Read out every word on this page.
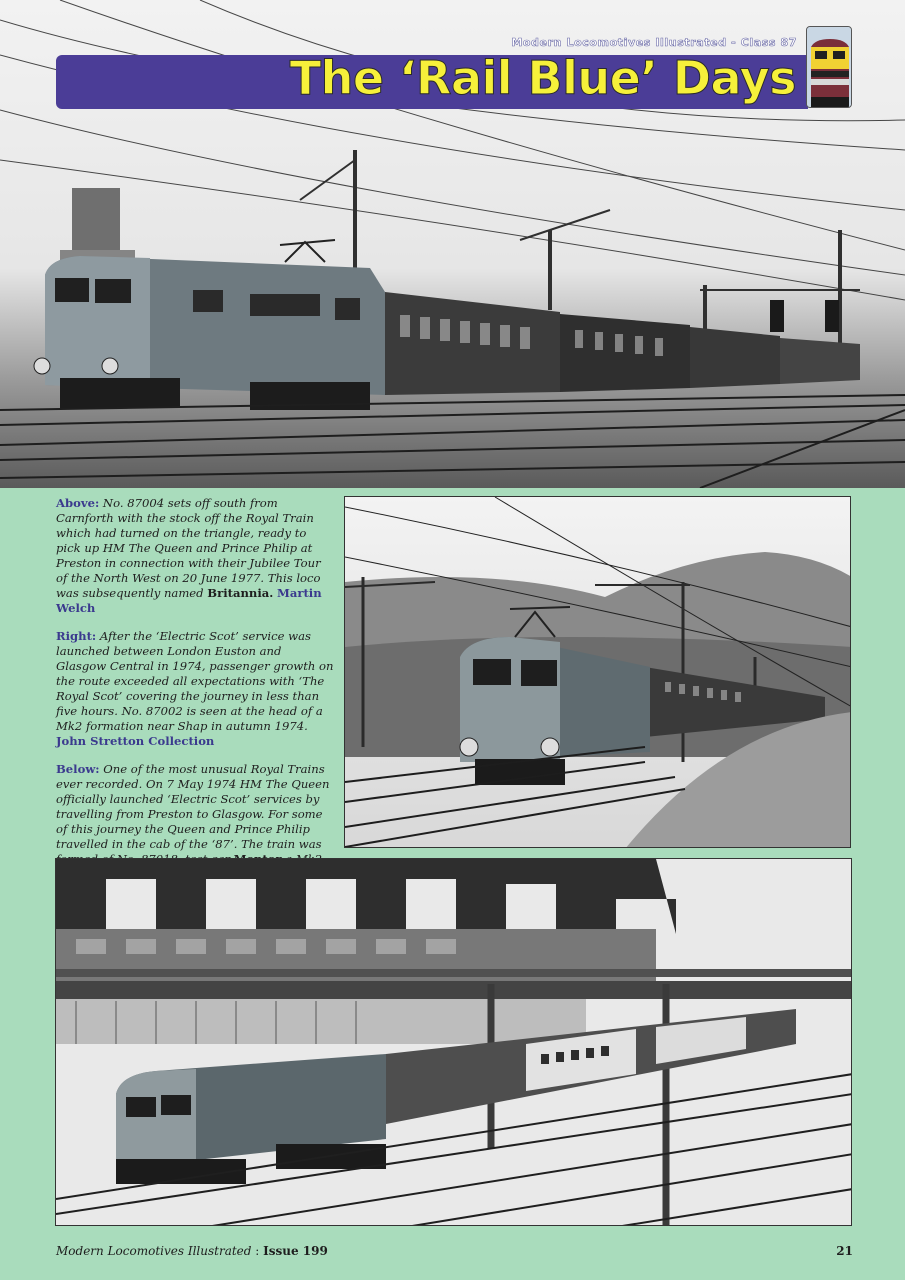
Modern Locomotives Illustrated - Class 87
The ‘Rail Blue’ Days

Above: No. 87004 sets off south from Carnforth with the stock off the Royal Train which had turned on the triangle, ready to pick up HM The Queen and Prince Philip at Preston in connection with their Jubilee Tour of the North West on 20 June 1977. This loco was subsequently named Britannia. Martin Welch

Right: After the ‘Electric Scot’ service was launched between London Euston and Glasgow Central in 1974, passenger growth on the route exceeded all expectations with ‘The Royal Scot’ covering the journey in less than five hours. No. 87002 is seen at the head of a Mk2 formation near Shap in autumn 1974.
John Stretton Collection

Below: One of the most unusual Royal Trains ever recorded. On 7 May 1974 HM The Queen officially launched ‘Electric Scot’ services by travelling from Preston to Glasgow. For some of this journey the Queen and Prince Philip travelled in the cab of the ‘87’. The train was

Modern Locomotives Illustrated : Issue 199	21
